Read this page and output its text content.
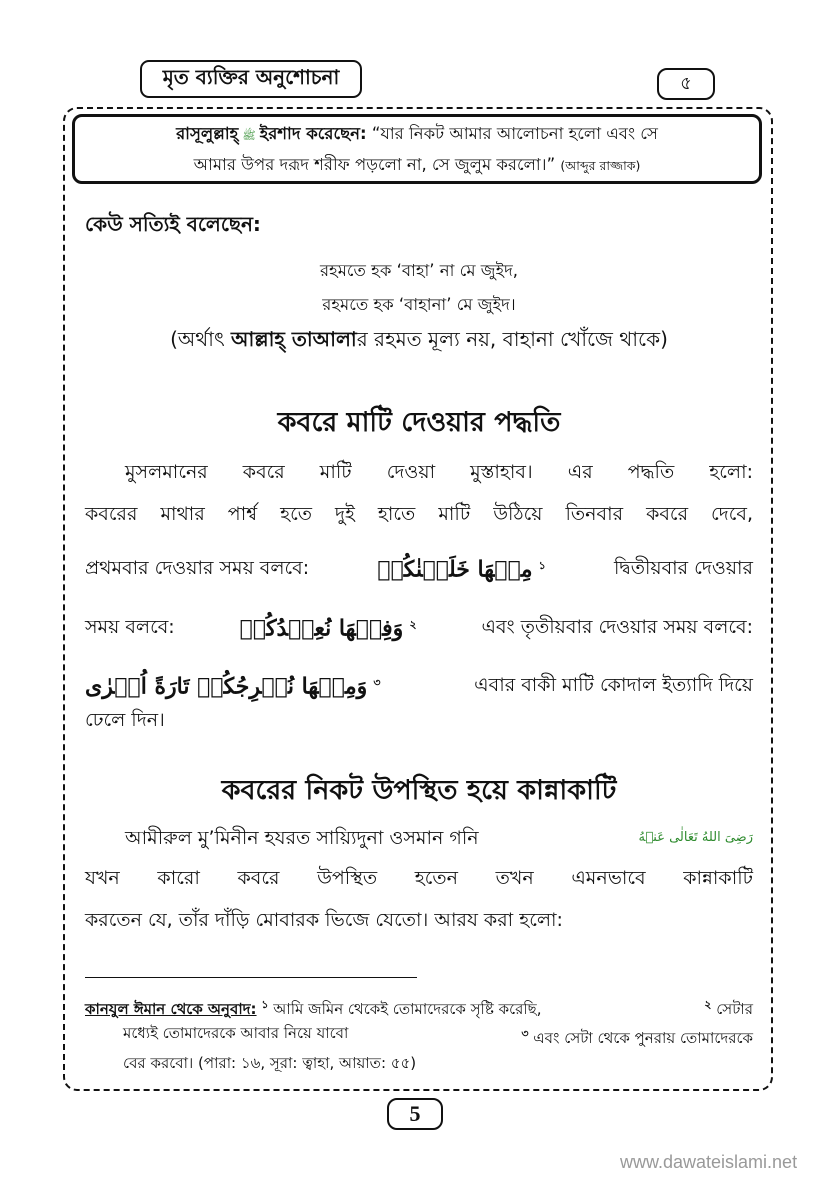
মৃত ব্যক্তির অনুশোচনা	৫
রাসূলুল্লাহ্ ﷺ ইরশাদ করেছেন: “যার নিকট আমার আলোচনা হলো এবং সে
আমার উপর দরূদ শরীফ পড়লো না, সে জুলুম করলো।” (আব্দুর রাজ্জাক)
কেউ সত্যিই বলেছেন:
রহমতে হক ‘বাহা’ না মে জুইদ,
রহমতে হক ‘বাহানা’ মে জুইদ।
(অর্থাৎ আল্লাহ্ তাআলার রহমত মূল্য নয়, বাহানা খোঁজে থাকে)
কবরে মাটি দেওয়ার পদ্ধতি
মুসলমানের কবরে মাটি দেওয়া মুস্তাহাব। এর পদ্ধতি হলো:
কবরের মাথার পার্শ্ব হতে দুই হাতে মাটি উঠিয়ে তিনবার কবরে দেবে,
প্রথমবার দেওয়ার সময় বলবে:	مِنۡهَا خَلَقۡنٰكُمۡ $^১$	দ্বিতীয়বার দেওয়ার
সময় বলবে:	وَفِيۡهَا نُعِيۡدُكُمۡ $^২$	এবং তৃতীয়বার দেওয়ার সময় বলবে:
وَمِنۡهَا نُخۡرِجُكُمۡ تَارَةً اُخۡرٰى $^৩$	এবার বাকী মাটি কোদাল ইত্যাদি দিয়ে
ঢেলে দিন।
কবরের নিকট উপস্থিত হয়ে কান্নাকাটি
আমীরুল মু’মিনীন হযরত সায়্যিদুনা ওসমান গনি	رَضِىَ اللهُ تَعَالٰى عَنۡهُ
যখন কারো কবরে উপস্থিত হতেন তখন এমনভাবে কান্নাকাটি
করতেন যে, তাঁর দাঁড়ি মোবারক ভিজে যেতো। আরয করা হলো:
কানযুল ঈমান থেকে অনুবাদ: $^১$ আমি জমিন থেকেই তোমাদেরকে সৃষ্টি করেছি,	$^২$ সেটার
মধ্যেই তোমাদেরকে আবার নিয়ে যাবো	$^৩$ এবং সেটা থেকে পুনরায় তোমাদেরকে
বের করবো। (পারা: ১৬, সূরা: ত্বাহা, আয়াত: ৫৫)
5
www.dawateislami.net
